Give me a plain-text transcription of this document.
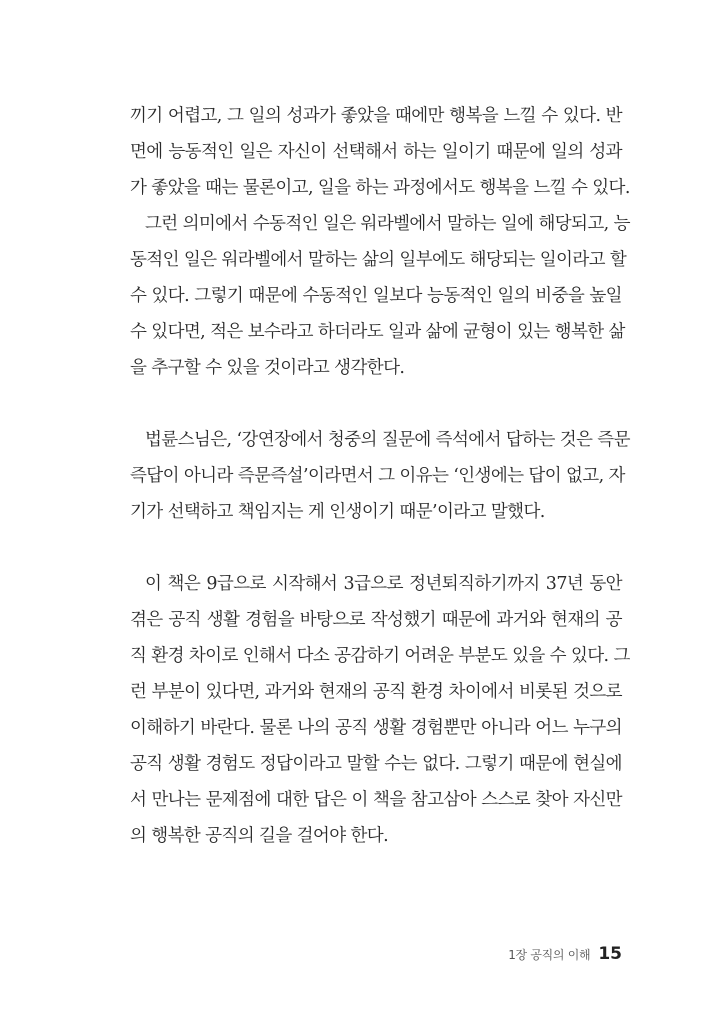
끼기 어렵고, 그 일의 성과가 좋았을 때에만 행복을 느낄 수 있다. 반
면에 능동적인 일은 자신이 선택해서 하는 일이기 때문에 일의 성과
가 좋았을 때는 물론이고, 일을 하는 과정에서도 행복을 느낄 수 있다.
그런 의미에서 수동적인 일은 워라벨에서 말하는 일에 해당되고, 능
동적인 일은 워라벨에서 말하는 삶의 일부에도 해당되는 일이라고 할
수 있다. 그렇기 때문에 수동적인 일보다 능동적인 일의 비중을 높일
수 있다면, 적은 보수라고 하더라도 일과 삶에 균형이 있는 행복한 삶
을 추구할 수 있을 것이라고 생각한다.
법륜스님은, ‘강연장에서 청중의 질문에 즉석에서 답하는 것은 즉문
즉답이 아니라 즉문즉설’이라면서 그 이유는 ‘인생에는 답이 없고, 자
기가 선택하고 책임지는 게 인생이기 때문’이라고 말했다.
이 책은 9급으로 시작해서 3급으로 정년퇴직하기까지 37년 동안
겪은 공직 생활 경험을 바탕으로 작성했기 때문에 과거와 현재의 공
직 환경 차이로 인해서 다소 공감하기 어려운 부분도 있을 수 있다. 그
런 부분이 있다면, 과거와 현재의 공직 환경 차이에서 비롯된 것으로
이해하기 바란다. 물론 나의 공직 생활 경험뿐만 아니라 어느 누구의
공직 생활 경험도 정답이라고 말할 수는 없다. 그렇기 때문에 현실에
서 만나는 문제점에 대한 답은 이 책을 참고삼아 스스로 찾아 자신만
의 행복한 공직의 길을 걸어야 한다.
1장 공직의 이해 15
